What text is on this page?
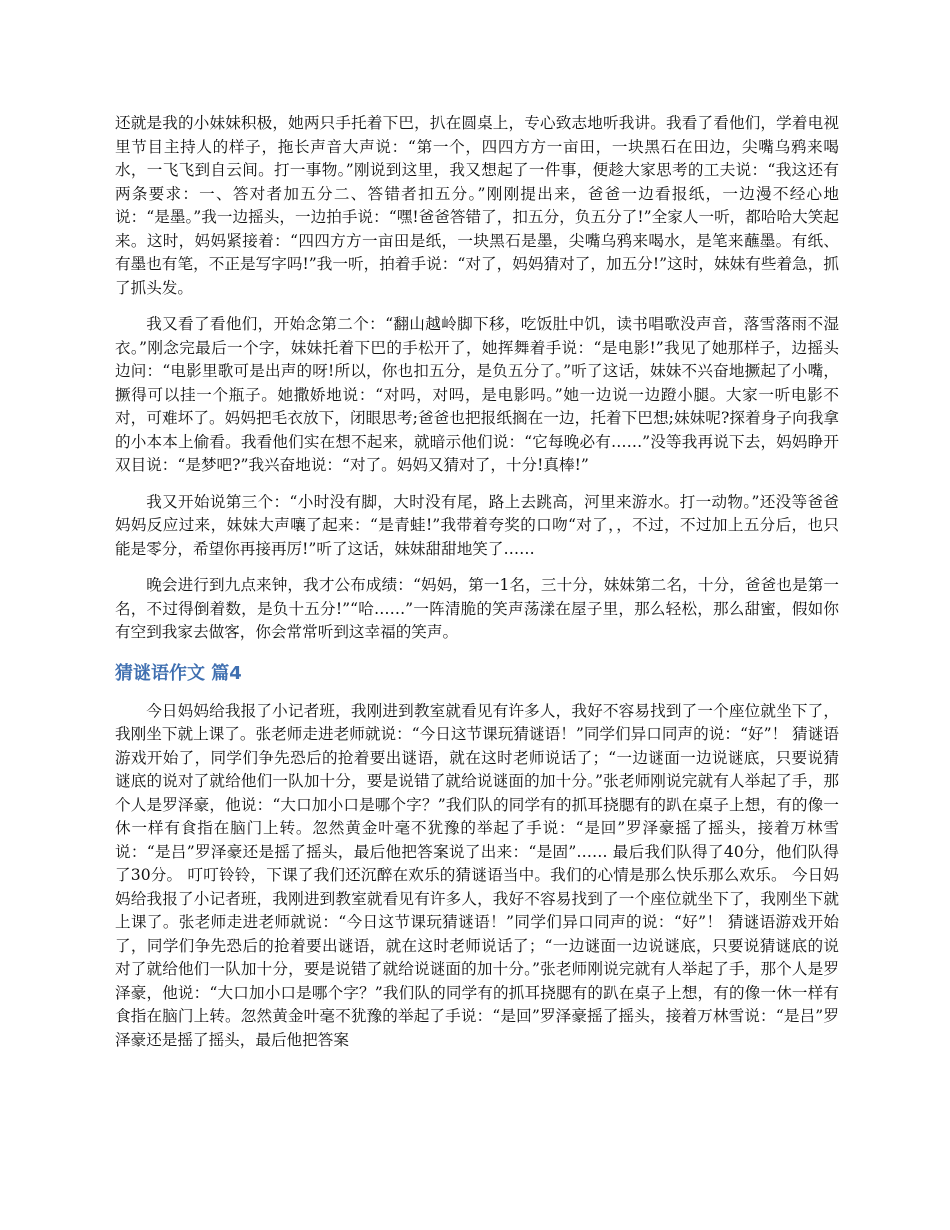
还就是我的小妹妹积极，她两只手托着下巴，扒在圆桌上，专心致志地听我讲。我看了看他们，学着电视里节目主持人的样子，拖长声音大声说：“第一个，四四方方一亩田，一块黑石在田边，尖嘴乌鸦来喝水，一飞飞到自云间。打一事物。”刚说到这里，我又想起了一件事，便趁大家思考的工夫说：“我这还有两条要求：一、答对者加五分二、答错者扣五分。”刚刚提出来，爸爸一边看报纸，一边漫不经心地说：“是墨。”我一边摇头，一边拍手说：“嘿!爸爸答错了，扣五分，负五分了!”全家人一听，都哈哈大笑起来。这时，妈妈紧接着：“四四方方一亩田是纸，一块黑石是墨，尖嘴乌鸦来喝水，是笔来蘸墨。有纸、有墨也有笔，不正是写字吗!”我一听，拍着手说：“对了，妈妈猜对了，加五分!”这时，妹妹有些着急，抓了抓头发。

我又看了看他们，开始念第二个：“翻山越岭脚下移，吃饭肚中饥，读书唱歌没声音，落雪落雨不湿衣。”刚念完最后一个字，妹妹托着下巴的手松开了，她挥舞着手说：“是电影!”我见了她那样子，边摇头边问：“电影里歌可是出声的呀!所以，你也扣五分，是负五分了。”听了这话，妹妹不兴奋地撅起了小嘴，撅得可以挂一个瓶子。她撒娇地说：“对吗，对吗，是电影吗。”她一边说一边蹬小腿。大家一听电影不对，可难坏了。妈妈把毛衣放下，闭眼思考;爸爸也把报纸搁在一边，托着下巴想;妹妹呢?探着身子向我拿的小本本上偷看。我看他们实在想不起来，就暗示他们说：“它每晚必有……”没等我再说下去，妈妈睁开双目说：“是梦吧?”我兴奋地说：“对了。妈妈又猜对了，十分!真棒!”

我又开始说第三个：“小时没有脚，大时没有尾，路上去跳高，河里来游水。打一动物。”还没等爸爸妈妈反应过来，妹妹大声嚷了起来：“是青蛙!”我带着夸奖的口吻“对了，，不过，不过加上五分后，也只能是零分，希望你再接再厉!”听了这话，妹妹甜甜地笑了……

晚会进行到九点来钟，我才公布成绩：“妈妈，第一1名，三十分，妹妹第二名，十分，爸爸也是第一名，不过得倒着数，是负十五分!”“哈……”一阵清脆的笑声荡漾在屋子里，那么轻松，那么甜蜜，假如你有空到我家去做客，你会常常听到这幸福的笑声。

猜谜语作文 篇4

今日妈妈给我报了小记者班，我刚进到教室就看见有许多人，我好不容易找到了一个座位就坐下了，我刚坐下就上课了。张老师走进老师就说：“今日这节课玩猜谜语！”同学们异口同声的说：“好”！ 猜谜语游戏开始了，同学们争先恐后的抢着要出谜语，就在这时老师说话了；“一边谜面一边说谜底，只要说猜谜底的说对了就给他们一队加十分，要是说错了就给说谜面的加十分。”张老师刚说完就有人举起了手，那个人是罗泽豪，他说：“大口加小口是哪个字？”我们队的同学有的抓耳挠腮有的趴在桌子上想，有的像一休一样有食指在脑门上转。忽然黄金叶毫不犹豫的举起了手说：“是回”罗泽豪摇了摇头，接着万林雪说：“是吕”罗泽豪还是摇了摇头，最后他把答案说了出来：“是固”…… 最后我们队得了40分，他们队得了30分。 叮叮铃铃，下课了我们还沉醉在欢乐的猜谜语当中。我们的心情是那么快乐那么欢乐。 今日妈妈给我报了小记者班，我刚进到教室就看见有许多人，我好不容易找到了一个座位就坐下了，我刚坐下就上课了。张老师走进老师就说：“今日这节课玩猜谜语！”同学们异口同声的说：“好”！ 猜谜语游戏开始了，同学们争先恐后的抢着要出谜语，就在这时老师说话了；“一边谜面一边说谜底，只要说猜谜底的说对了就给他们一队加十分，要是说错了就给说谜面的加十分。”张老师刚说完就有人举起了手，那个人是罗泽豪，他说：“大口加小口是哪个字？”我们队的同学有的抓耳挠腮有的趴在桌子上想，有的像一休一样有食指在脑门上转。忽然黄金叶毫不犹豫的举起了手说：“是回”罗泽豪摇了摇头，接着万林雪说：“是吕”罗泽豪还是摇了摇头，最后他把答案
